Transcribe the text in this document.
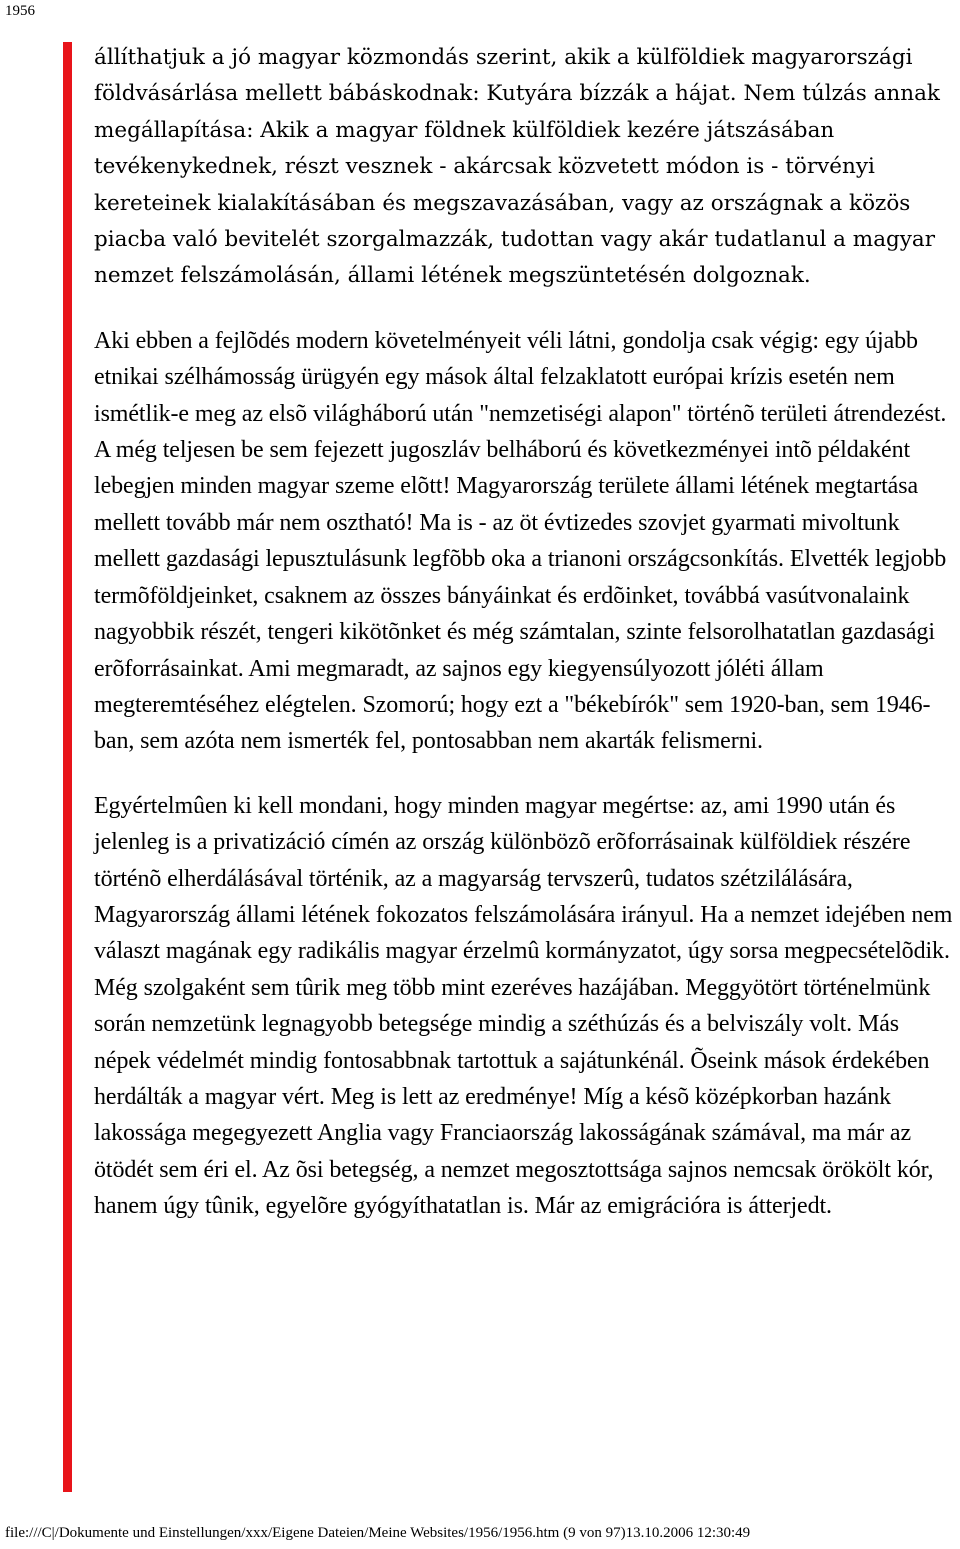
1956

állíthatjuk a jó magyar közmondás szerint, akik a külföldiek magyarországi földvásárlása mellett bábáskodnak: Kutyára bízzák a hájat. Nem túlzás annak megállapítása: Akik a magyar földnek külföldiek kezére játszásában tevékenykednek, részt vesznek - akárcsak közvetett módon is - törvényi kereteinek kialakításában és megszavazásában, vagy az országnak a közös piacba való bevitelét szorgalmazzák, tudottan vagy akár tudatlanul a magyar nemzet felszámolásán, állami létének megszüntetésén dolgoznak.

Aki ebben a fejlõdés modern követelményeit véli látni, gondolja csak végig: egy újabb etnikai szélhámosság ürügyén egy mások által felzaklatott európai krízis esetén nem ismétlik-e meg az elsõ világháború után "nemzetiségi alapon" történõ területi átrendezést. A még teljesen be sem fejezett jugoszláv belháború és következményei intõ példaként lebegjen minden magyar szeme elõtt! Magyarország területe állami létének megtartása mellett tovább már nem osztható! Ma is - az öt évtizedes szovjet gyarmati mivoltunk mellett gazdasági lepusztulásunk legfõbb oka a trianoni országcsonkítás. Elvették legjobb termõföldjeinket, csaknem az összes bányáinkat és erdõinket, továbbá vasútvonalaink nagyobbik részét, tengeri kikötõnket és még számtalan, szinte felsorolhatatlan gazdasági erõforrásainkat. Ami megmaradt, az sajnos egy kiegyensúlyozott jóléti állam megteremtéséhez elégtelen. Szomorú; hogy ezt a "békebírók" sem 1920-ban, sem 1946-ban, sem azóta nem ismerték fel, pontosabban nem akarták felismerni.

Egyértelmûen ki kell mondani, hogy minden magyar megértse: az, ami 1990 után és jelenleg is a privatizáció címén az ország különbözõ erõforrásainak külföldiek részére történõ elherdálásával történik, az a magyarság tervszerû, tudatos szétzilálására, Magyarország állami létének fokozatos felszámolására irányul. Ha a nemzet idejében nem választ magának egy radikális magyar érzelmû kormányzatot, úgy sorsa megpecsételõdik. Még szolgaként sem tûrik meg több mint ezeréves hazájában. Meggyötört történelmünk során nemzetünk legnagyobb betegsége mindig a széthúzás és a belviszály volt. Más népek védelmét mindig fontosabbnak tartottuk a sajátunkénál. Õseink mások érdekében herdálták a magyar vért. Meg is lett az eredménye! Míg a késõ középkorban hazánk lakossága megegyezett Anglia vagy Franciaország lakosságának számával, ma már az ötödét sem éri el. Az õsi betegség, a nemzet megosztottsága sajnos nemcsak örökölt kór, hanem úgy tûnik, egyelõre gyógyíthatatlan is. Már az emigrációra is átterjedt.

file:///C|/Dokumente und Einstellungen/xxx/Eigene Dateien/Meine Websites/1956/1956.htm (9 von 97)13.10.2006 12:30:49
